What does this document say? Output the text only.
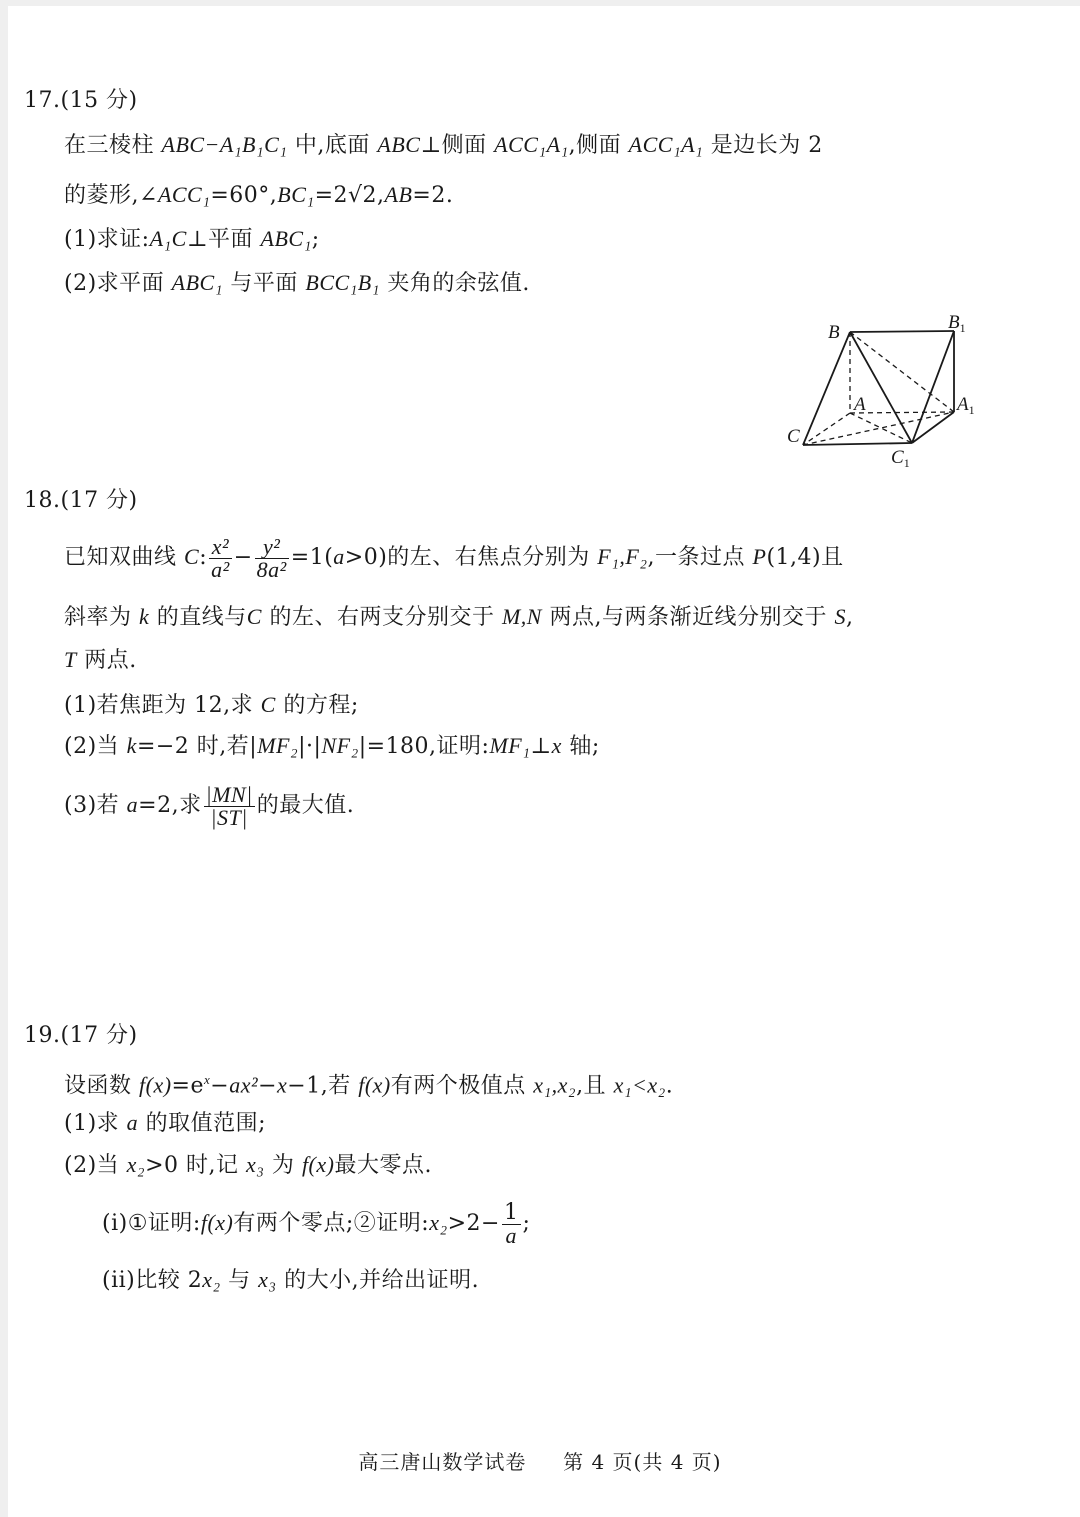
17.(15 分)
在三棱柱 ABC−A₁B₁C₁ 中,底面 ABC⊥侧面 ACC₁A₁,侧面 ACC₁A₁ 是边长为 2
的菱形,∠ACC₁=60°,BC₁=2√2,AB=2.
(1)求证:A₁C⊥平面 ABC₁;
(2)求平面 ABC₁ 与平面 BCC₁B₁ 夹角的余弦值.
B	$B_1$
A	$A_1$
C
$C_1$
18.(17 分)
已知双曲线 C: $\frac{\text{x²}}{\text{a²}} - \frac{\text{y²}}{\text{8a²}} =1(a>0)$的左、右焦点分别为 F₁,F₂,一条过点 P(1,4)且
斜率为 k 的直线与C 的左、右两支分别交于 M,N 两点,与两条渐近线分别交于 S,
T 两点.
(1)若焦距为 12,求 C 的方程;
(2)当 k=−2 时,若|MF₂|·|NF₂|=180,证明:MF₁⊥x 轴;
(3)若 a=2,求 $\frac{|MN|}{|ST|}$ 的最大值.
19.(17 分)
设函数 $f(x)=e^x-ax^2-x-1$,若 f(x)有两个极值点 x₁,x₂,且 x₁<x₂.
(1)求 a 的取值范围;
(2)当 x₂>0 时,记 x₃ 为 f(x)最大零点.
(i)①证明:f(x)有两个零点;②证明:x₂>2− $\frac{1}{a}$ ;
(ii)比较 2x₂ 与 x₃ 的大小,并给出证明.
高三唐山数学试卷 第 4 页(共 4 页)
